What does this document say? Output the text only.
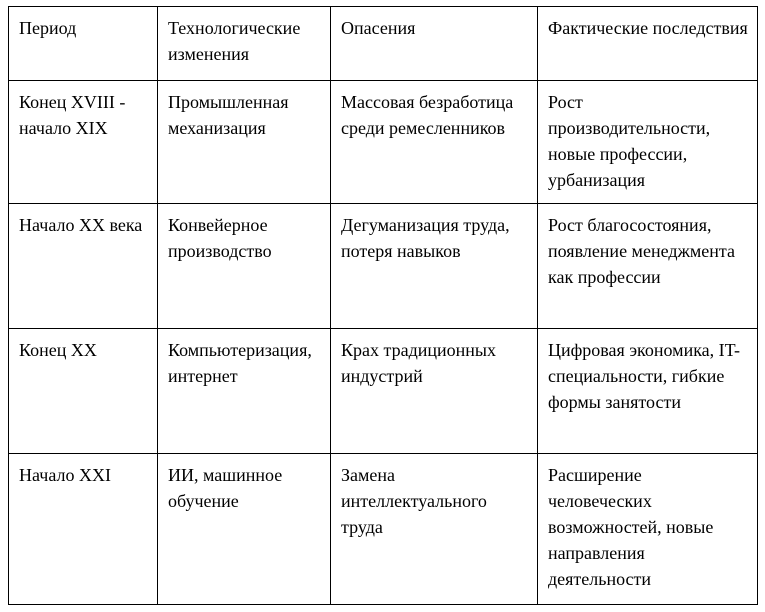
Период	Технологические изменения	Опасения	Фактические последствия
Конец XVIII - начало XIX	Промышленная механизация	Массовая безработица среди ремесленников	Рост производительности, новые профессии, урбанизация
Начало XX века	Конвейерное производство	Дегуманизация труда, потеря навыков	Рост благосостояния, появление менеджмента как профессии
Конец XX	Компьютеризация, интернет	Крах традиционных индустрий	Цифровая экономика, IT-специальности, гибкие формы занятости
Начало XXI	ИИ, машинное обучение	Замена интеллектуального труда	Расширение человеческих возможностей, новые направления деятельности
